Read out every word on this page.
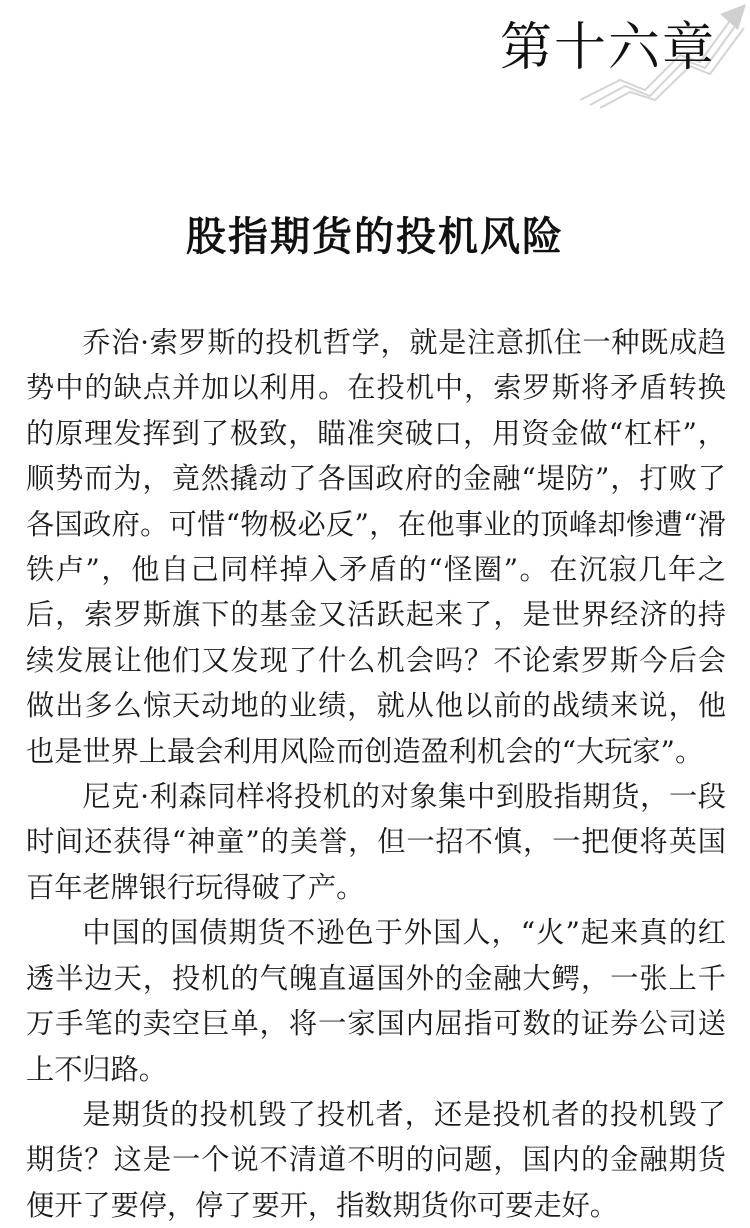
第十六章
股指期货的投机风险

乔治·索罗斯的投机哲学，就是注意抓住一种既成趋势中的缺点并加以利用。在投机中，索罗斯将矛盾转换的原理发挥到了极致，瞄准突破口，用资金做“杠杆”，顺势而为，竟然撬动了各国政府的金融“堤防”，打败了各国政府。可惜“物极必反”，在他事业的顶峰却惨遭“滑铁卢”，他自己同样掉入矛盾的“怪圈”。在沉寂几年之后，索罗斯旗下的基金又活跃起来了，是世界经济的持续发展让他们又发现了什么机会吗？不论索罗斯今后会做出多么惊天动地的业绩，就从他以前的战绩来说，他也是世界上最会利用风险而创造盈利机会的“大玩家”。

尼克·利森同样将投机的对象集中到股指期货，一段时间还获得“神童”的美誉，但一招不慎，一把便将英国百年老牌银行玩得破了产。

中国的国债期货不逊色于外国人，“火”起来真的红透半边天，投机的气魄直逼国外的金融大鳄，一张上千万手笔的卖空巨单，将一家国内屈指可数的证券公司送上不归路。

是期货的投机毁了投机者，还是投机者的投机毁了期货？这是一个说不清道不明的问题，国内的金融期货便开了要停，停了要开，指数期货你可要走好。
